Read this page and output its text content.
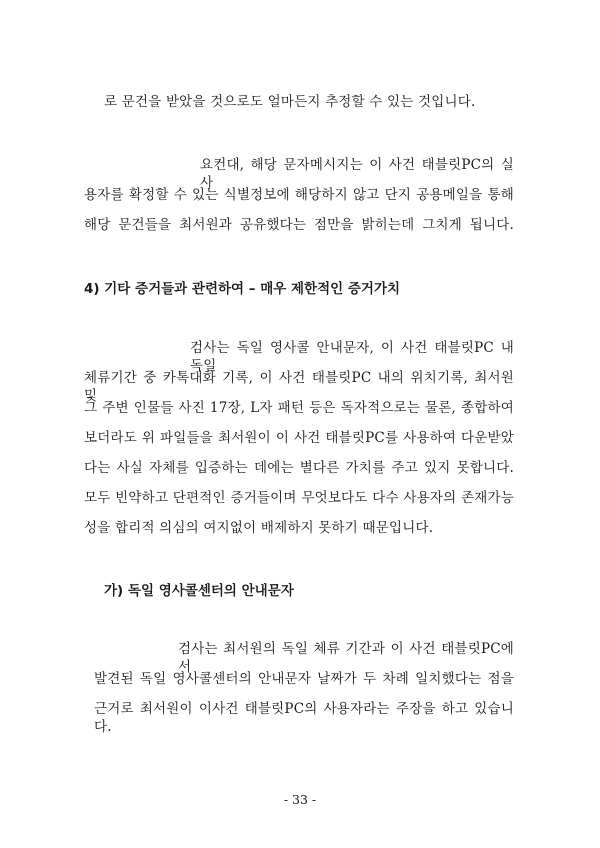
로 문건을 받았을 것으로도 얼마든지 추정할 수 있는 것입니다.
요컨대, 해당 문자메시지는 이 사건 태블릿PC의 실사
용자를 확정할 수 있는 식별정보에 해당하지 않고 단지 공용메일을 통해
해당 문건들을 최서원과 공유했다는 점만을 밝히는데 그치게 됩니다.
4) 기타 증거들과 관련하여 – 매우 제한적인 증거가치
검사는 독일 영사콜 안내문자, 이 사건 태블릿PC 내 독일
체류기간 중 카톡대화 기록, 이 사건 태블릿PC 내의 위치기록, 최서원 및
그 주변 인물들 사진 17장, L자 패턴 등은 독자적으로는 물론, 종합하여
보더라도 위 파일들을 최서원이 이 사건 태블릿PC를 사용하여 다운받았
다는 사실 자체를 입증하는 데에는 별다른 가치를 주고 있지 못합니다.
모두 빈약하고 단편적인 증거들이며 무엇보다도 다수 사용자의 존재가능
성을 합리적 의심의 여지없이 배제하지 못하기 때문입니다.
가) 독일 영사콜센터의 안내문자
검사는 최서원의 독일 체류 기간과 이 사건 태블릿PC에서
발견된 독일 영사콜센터의 안내문자 날짜가 두 차례 일치했다는 점을
근거로 최서원이 이사건 태블릿PC의 사용자라는 주장을 하고 있습니다.
- 33 -
